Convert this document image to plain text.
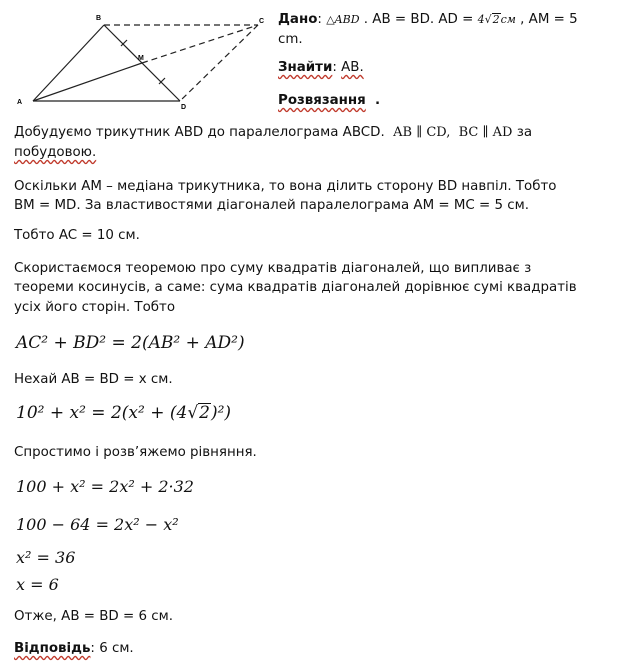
A
B	C
D
M
Дано: △ABD . AB = BD. AD = 4√2см , AM = 5
cm.
Знайти: AB.
Розвязання .
Добудуємо трикутник ABD до паралелограма ABCD. AB ∥ CD, BC ∥ AD за
побудовою.
Оскільки AM – медіана трикутника, то вона ділить сторону BD навпіл. Тобто
BM = MD. За властивостями діагоналей паралелограма AM = MC = 5 см.
Тобто AC = 10 см.
Скористаємося теоремою про суму квадратів діагоналей, що випливає з
теореми косинусів, а саме: сума квадратів діагоналей дорівнює сумі квадратів
усіх його сторін. Тобто
AC² + BD² = 2(AB² + AD²)
Нехай AB = BD = x см.
10² + x² = 2(x² + (4√2)²)
Спростимо і розв’яжемо рівняння.
100 + x² = 2x² + 2·32
100 − 64 = 2x² − x²
x² = 36
x = 6
Отже, AB = BD = 6 см.
Відповідь: 6 см.
